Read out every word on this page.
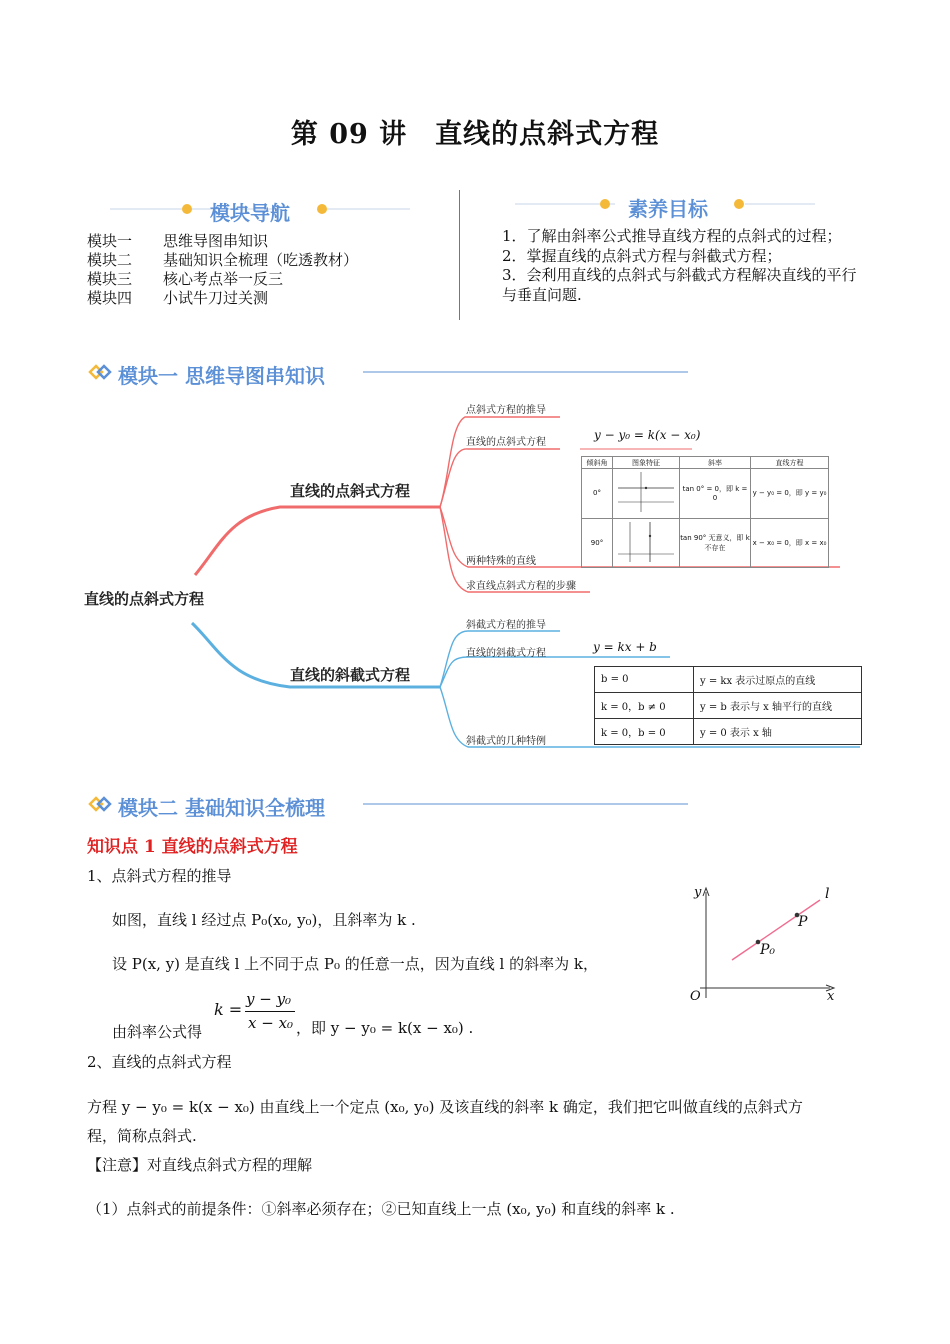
第 09 讲　直线的点斜式方程
模块导航
模块一 思维导图串知识
模块二 基础知识全梳理（吃透教材）
模块三 核心考点举一反三
模块四 小试牛刀过关测
素养目标
1．了解由斜率公式推导直线方程的点斜式的过程；
2．掌握直线的点斜式方程与斜截式方程；
3．会利用直线的点斜式与斜截式方程解决直线的平行与垂直问题.
模块一 思维导图串知识
直线的点斜式方程
直线的点斜式方程
直线的斜截式方程
点斜式方程的推导
直线的点斜式方程
两种特殊的直线
求直线点斜式方程的步骤
y − y₀ = k(x − x₀)
倾斜角	图象特征	斜率	直线方程
0°		tan 0° = 0，即 k = 0	y − y₀ = 0，即 y = y₀
90°		tan 90° 无意义，即 k 不存在	x − x₀ = 0，即 x = x₀
斜截式方程的推导
直线的斜截式方程
斜截式的几种特例
y = kx + b
b = 0	y = kx 表示过原点的直线
k = 0，b ≠ 0	y = b 表示与 x 轴平行的直线
k = 0，b = 0	y = 0 表示 x 轴
模块二 基础知识全梳理
知识点 1 直线的点斜式方程
1、点斜式方程的推导
如图，直线 l 经过点 P₀(x₀, y₀)，且斜率为 k .
设 P(x, y) 是直线 l 上不同于点 P₀ 的任意一点，因为直线 l 的斜率为 k，
k =
y − y₀
x − x₀
由斜率公式得	，即 y − y₀ = k(x − x₀) .
y
x
O
l
P
P₀
2、直线的点斜式方程
方程 y − y₀ = k(x − x₀) 由直线上一个定点 (x₀, y₀) 及该直线的斜率 k 确定，我们把它叫做直线的点斜式方
程，简称点斜式.
【注意】对直线点斜式方程的理解
（1）点斜式的前提条件：①斜率必须存在；②已知直线上一点 (x₀, y₀) 和直线的斜率 k .
